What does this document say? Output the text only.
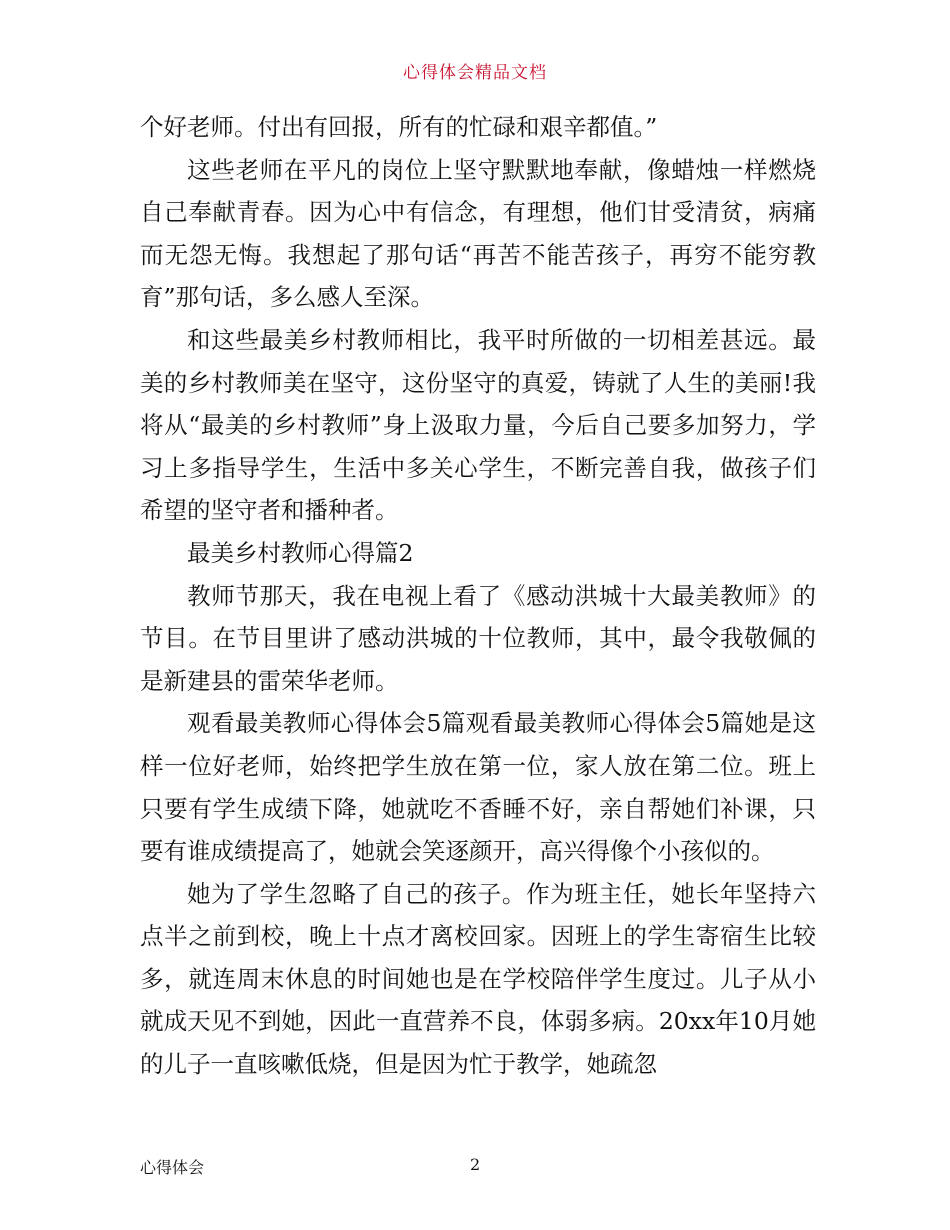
心得体会精品文档

个好老师。付出有回报，所有的忙碌和艰辛都值。”

这些老师在平凡的岗位上坚守默默地奉献，像蜡烛一样燃烧自己奉献青春。因为心中有信念，有理想，他们甘受清贫，病痛而无怨无悔。我想起了那句话“再苦不能苦孩子，再穷不能穷教育”那句话，多么感人至深。

和这些最美乡村教师相比，我平时所做的一切相差甚远。最美的乡村教师美在坚守，这份坚守的真爱，铸就了人生的美丽!我将从“最美的乡村教师”身上汲取力量，今后自己要多加努力，学习上多指导学生，生活中多关心学生，不断完善自我，做孩子们希望的坚守者和播种者。

最美乡村教师心得篇2

教师节那天，我在电视上看了《感动洪城十大最美教师》的节目。在节目里讲了感动洪城的十位教师，其中，最令我敬佩的是新建县的雷荣华老师。

观看最美教师心得体会5篇观看最美教师心得体会5篇她是这样一位好老师，始终把学生放在第一位，家人放在第二位。班上只要有学生成绩下降，她就吃不香睡不好，亲自帮她们补课，只要有谁成绩提高了，她就会笑逐颜开，高兴得像个小孩似的。

她为了学生忽略了自己的孩子。作为班主任，她长年坚持六点半之前到校，晚上十点才离校回家。因班上的学生寄宿生比较多，就连周末休息的时间她也是在学校陪伴学生度过。儿子从小就成天见不到她，因此一直营养不良，体弱多病。20xx年10月她的儿子一直咳嗽低烧，但是因为忙于教学，她疏忽

心得体会	2
